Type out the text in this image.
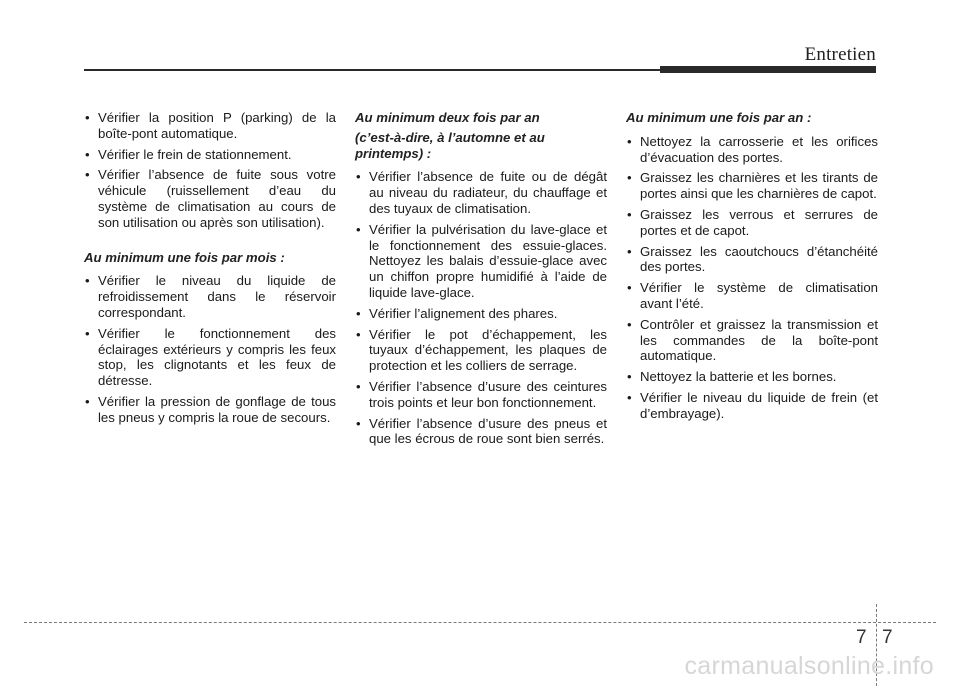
Entretien
• Vérifier la position P (parking) de la boîte-pont automatique.
• Vérifier le frein de stationnement.
• Vérifier l’absence de fuite sous votre véhicule (ruissellement d’eau du système de climatisation au cours de son utilisation ou après son utilisation).
Au minimum une fois par mois :
• Vérifier le niveau du liquide de refroidissement dans le réservoir correspondant.
• Vérifier le fonctionnement des éclairages extérieurs y compris les feux stop, les clignotants et les feux de détresse.
• Vérifier la pression de gonflage de tous les pneus y compris la roue de secours.
Au minimum deux fois par an
(c’est-à-dire, à l’automne et au printemps) :
• Vérifier l’absence de fuite ou de dégât au niveau du radiateur, du chauffage et des tuyaux de climatisation.
• Vérifier la pulvérisation du lave-glace et le fonctionnement des essuie-glaces. Nettoyez les balais d’essuie-glace avec un chiffon propre humidifié à l’aide de liquide lave-glace.
• Vérifier l’alignement des phares.
• Vérifier le pot d’échappement, les tuyaux d’échappement, les plaques de protection et les colliers de serrage.
• Vérifier l’absence d’usure des ceintures trois points et leur bon fonctionnement.
• Vérifier l’absence d’usure des pneus et que les écrous de roue sont bien serrés.
Au minimum une fois par an :
• Nettoyez la carrosserie et les orifices d’évacuation des portes.
• Graissez les charnières et les tirants de portes ainsi que les charnières de capot.
• Graissez les verrous et serrures de portes et de capot.
• Graissez les caoutchoucs d’étanchéité des portes.
• Vérifier le système de climatisation avant l’été.
• Contrôler et graissez la transmission et les commandes de la boîte-pont automatique.
• Nettoyez la batterie et les bornes.
• Vérifier le niveau du liquide de frein (et d’embrayage).
7 7
carmanualsonline.info
